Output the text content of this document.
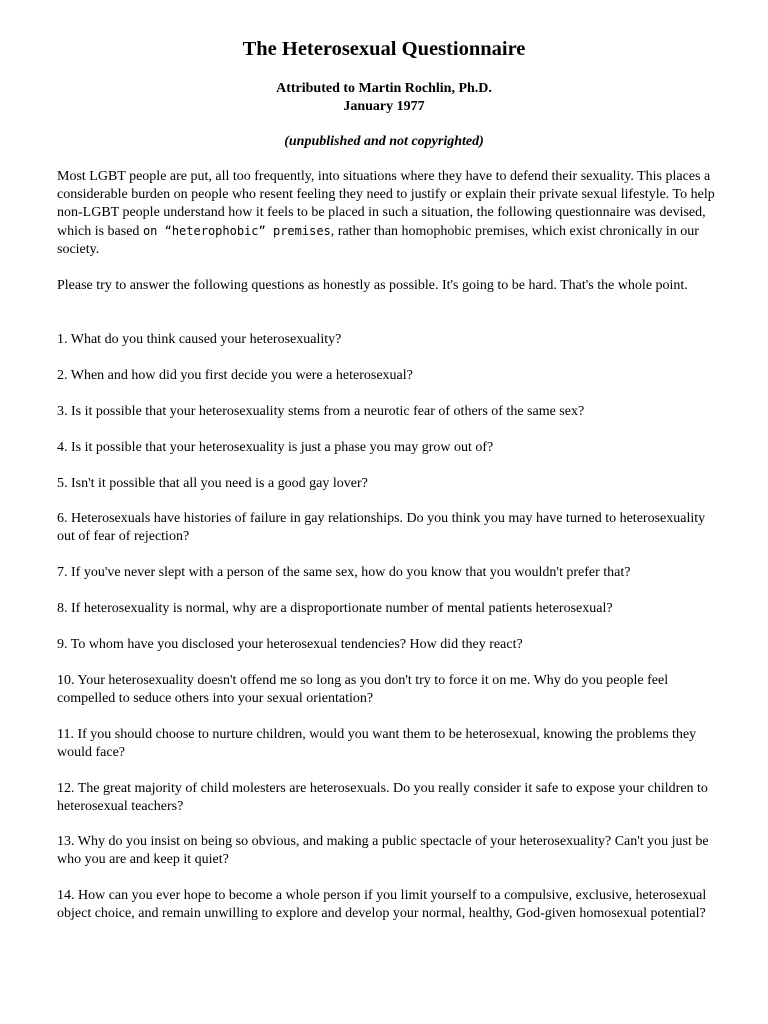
The Heterosexual Questionnaire
Attributed to Martin Rochlin, Ph.D.
January 1977
(unpublished and not copyrighted)

Most LGBT people are put, all too frequently, into situations where they have to defend their sexuality. This places a considerable burden on people who resent feeling they need to justify or explain their private sexual lifestyle. To help non-LGBT people understand how it feels to be placed in such a situation, the following questionnaire was devised, which is based on “heterophobic” premises, rather than homophobic premises, which exist chronically in our society.

Please try to answer the following questions as honestly as possible. It's going to be hard. That's the whole point.

1. What do you think caused your heterosexuality?

2. When and how did you first decide you were a heterosexual?

3. Is it possible that your heterosexuality stems from a neurotic fear of others of the same sex?

4. Is it possible that your heterosexuality is just a phase you may grow out of?

5. Isn't it possible that all you need is a good gay lover?

6. Heterosexuals have histories of failure in gay relationships. Do you think you may have turned to heterosexuality out of fear of rejection?

7. If you've never slept with a person of the same sex, how do you know that you wouldn't prefer that?

8. If heterosexuality is normal, why are a disproportionate number of mental patients heterosexual?

9. To whom have you disclosed your heterosexual tendencies? How did they react?

10. Your heterosexuality doesn't offend me so long as you don't try to force it on me. Why do you people feel compelled to seduce others into your sexual orientation?

11. If you should choose to nurture children, would you want them to be heterosexual, knowing the problems they would face?

12. The great majority of child molesters are heterosexuals. Do you really consider it safe to expose your children to heterosexual teachers?

13. Why do you insist on being so obvious, and making a public spectacle of your heterosexuality? Can't you just be who you are and keep it quiet?

14. How can you ever hope to become a whole person if you limit yourself to a compulsive, exclusive, heterosexual object choice, and remain unwilling to explore and develop your normal, healthy, God-given homosexual potential?
